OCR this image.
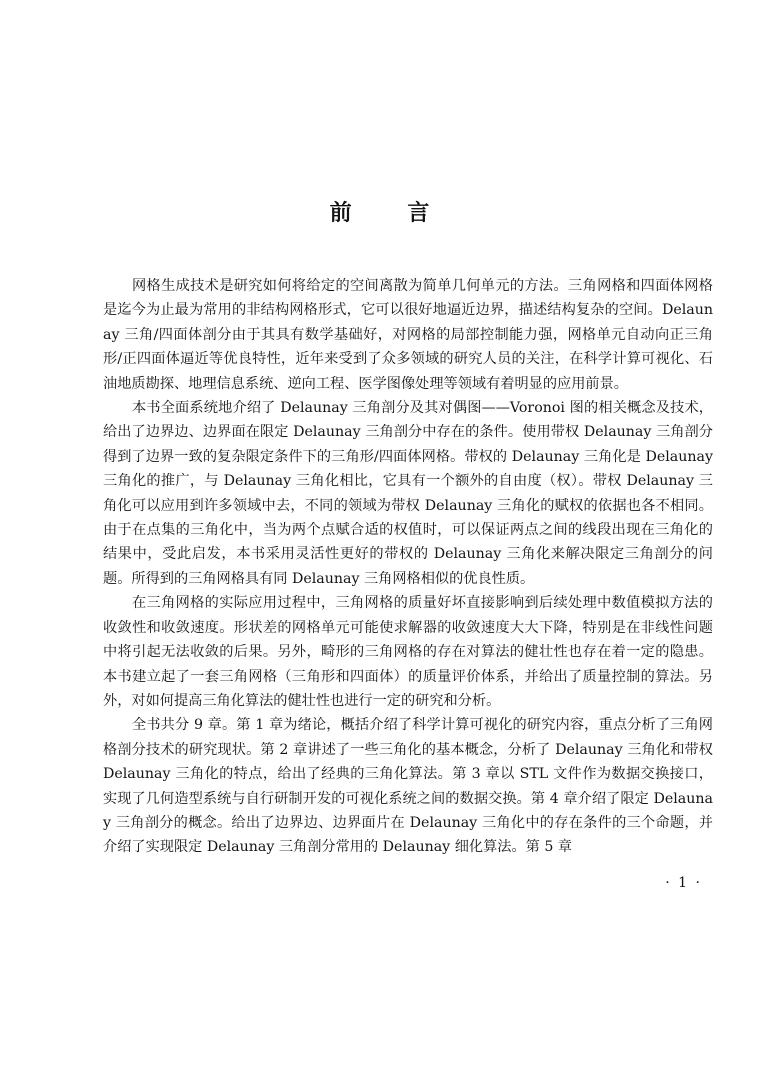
前 言

网格生成技术是研究如何将给定的空间离散为简单几何单元的方法。三角网格和四面体网格是迄今为止最为常用的非结构网格形式，它可以很好地逼近边界，描述结构复杂的空间。Delaunay 三角/四面体剖分由于其具有数学基础好，对网格的局部控制能力强，网格单元自动向正三角形/正四面体逼近等优良特性，近年来受到了众多领域的研究人员的关注，在科学计算可视化、石油地质勘探、地理信息系统、逆向工程、医学图像处理等领域有着明显的应用前景。

本书全面系统地介绍了 Delaunay 三角剖分及其对偶图——Voronoi 图的相关概念及技术，给出了边界边、边界面在限定 Delaunay 三角剖分中存在的条件。使用带权 Delaunay 三角剖分得到了边界一致的复杂限定条件下的三角形/四面体网格。带权的 Delaunay 三角化是 Delaunay 三角化的推广，与 Delaunay 三角化相比，它具有一个额外的自由度（权）。带权 Delaunay 三角化可以应用到许多领域中去，不同的领域为带权 Delaunay 三角化的赋权的依据也各不相同。由于在点集的三角化中，当为两个点赋合适的权值时，可以保证两点之间的线段出现在三角化的结果中，受此启发，本书采用灵活性更好的带权的 Delaunay 三角化来解决限定三角剖分的问题。所得到的三角网格具有同 Delaunay 三角网格相似的优良性质。

在三角网格的实际应用过程中，三角网格的质量好坏直接影响到后续处理中数值模拟方法的收敛性和收敛速度。形状差的网格单元可能使求解器的收敛速度大大下降，特别是在非线性问题中将引起无法收敛的后果。另外，畸形的三角网格的存在对算法的健壮性也存在着一定的隐患。本书建立起了一套三角网格（三角形和四面体）的质量评价体系，并给出了质量控制的算法。另外，对如何提高三角化算法的健壮性也进行一定的研究和分析。

全书共分 9 章。第 1 章为绪论，概括介绍了科学计算可视化的研究内容，重点分析了三角网格剖分技术的研究现状。第 2 章讲述了一些三角化的基本概念，分析了 Delaunay 三角化和带权 Delaunay 三角化的特点，给出了经典的三角化算法。第 3 章以 STL 文件作为数据交换接口，实现了几何造型系统与自行研制开发的可视化系统之间的数据交换。第 4 章介绍了限定 Delaunay 三角剖分的概念。给出了边界边、边界面片在 Delaunay 三角化中的存在条件的三个命题，并介绍了实现限定 Delaunay 三角剖分常用的 Delaunay 细化算法。第 5 章

· 1 ·
